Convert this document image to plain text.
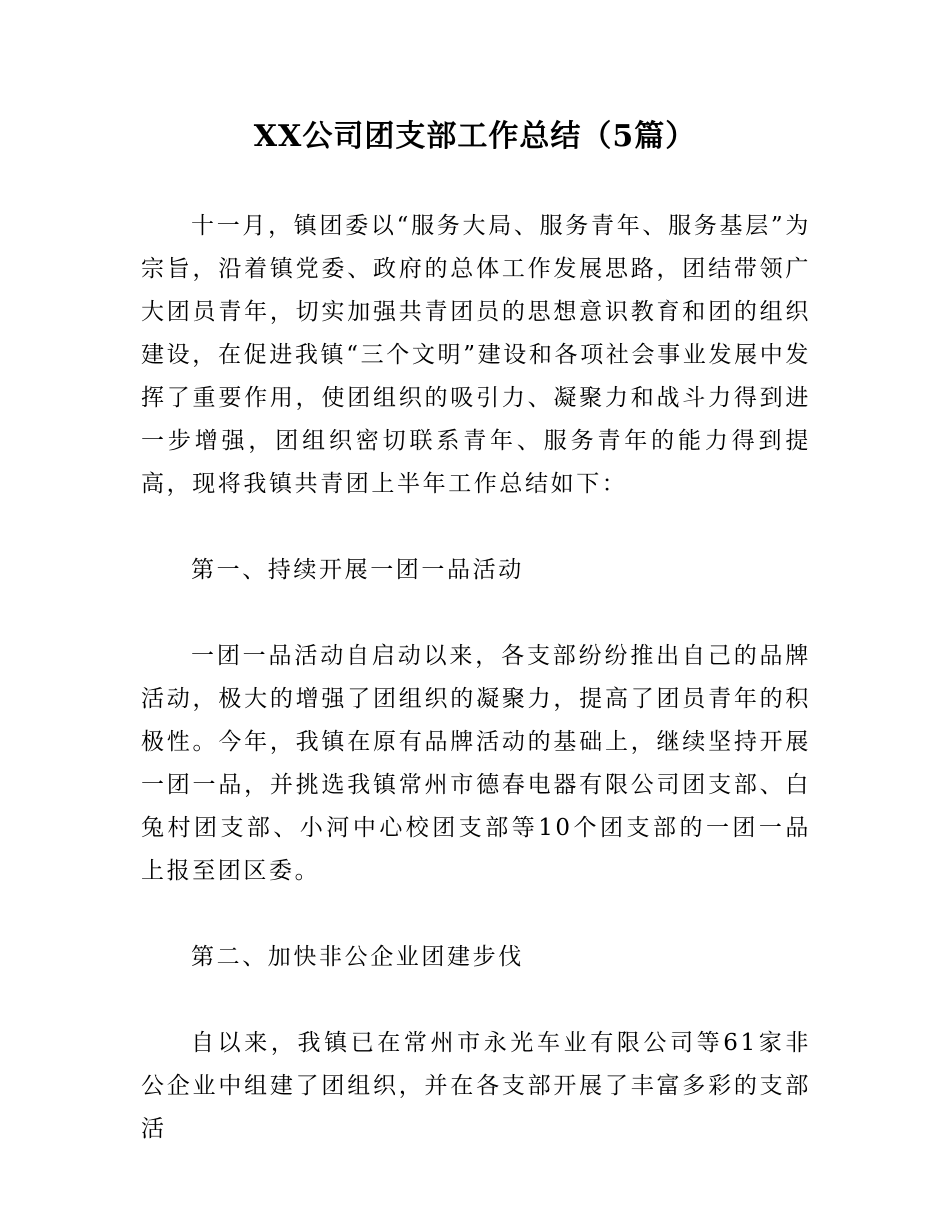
XX公司团支部工作总结（5篇）

十一月，镇团委以“服务大局、服务青年、服务基层”为宗旨，沿着镇党委、政府的总体工作发展思路，团结带领广大团员青年，切实加强共青团员的思想意识教育和团的组织建设，在促进我镇“三个文明”建设和各项社会事业发展中发挥了重要作用，使团组织的吸引力、凝聚力和战斗力得到进一步增强，团组织密切联系青年、服务青年的能力得到提高，现将我镇共青团上半年工作总结如下：

第一、持续开展一团一品活动

一团一品活动自启动以来，各支部纷纷推出自己的品牌活动，极大的增强了团组织的凝聚力，提高了团员青年的积极性。今年，我镇在原有品牌活动的基础上，继续坚持开展一团一品，并挑选我镇常州市德春电器有限公司团支部、白兔村团支部、小河中心校团支部等10个团支部的一团一品上报至团区委。

第二、加快非公企业团建步伐

自以来，我镇已在常州市永光车业有限公司等61家非公企业中组建了团组织，并在各支部开展了丰富多彩的支部活
